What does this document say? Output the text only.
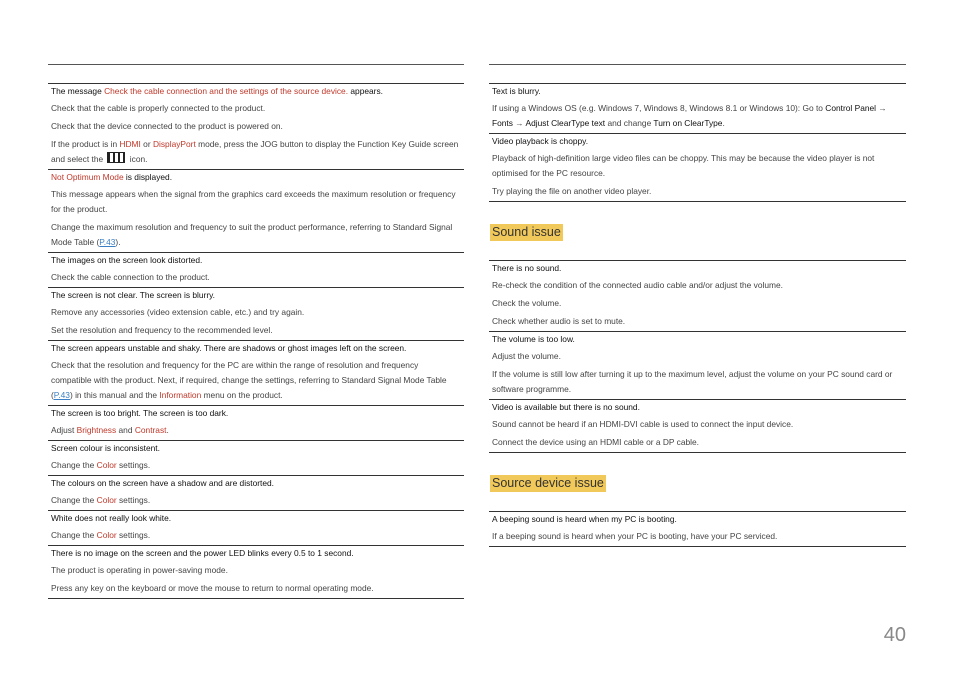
The message Check the cable connection and the settings of the source device. appears.
Check that the cable is properly connected to the product.
Check that the device connected to the product is powered on.
If the product is in HDMI or DisplayPort mode, press the JOG button to display the Function Key Guide screen and select the	icon.
Not Optimum Mode is displayed.
This message appears when the signal from the graphics card exceeds the maximum resolution or frequency for the product.
Change the maximum resolution and frequency to suit the product performance, referring to Standard Signal Mode Table (P.43).
The images on the screen look distorted.
Check the cable connection to the product.
The screen is not clear. The screen is blurry.
Remove any accessories (video extension cable, etc.) and try again.
Set the resolution and frequency to the recommended level.
The screen appears unstable and shaky. There are shadows or ghost images left on the screen.
Check that the resolution and frequency for the PC are within the range of resolution and frequency compatible with the product. Next, if required, change the settings, referring to Standard Signal Mode Table (P.43) in this manual and the Information menu on the product.
The screen is too bright. The screen is too dark.
Adjust Brightness and Contrast.
Screen colour is inconsistent.
Change the Color settings.
The colours on the screen have a shadow and are distorted.
Change the Color settings.
White does not really look white.
Change the Color settings.
There is no image on the screen and the power LED blinks every 0.5 to 1 second.
The product is operating in power-saving mode.
Press any key on the keyboard or move the mouse to return to normal operating mode.
Text is blurry.
If using a Windows OS (e.g. Windows 7, Windows 8, Windows 8.1 or Windows 10): Go to Control Panel → Fonts → Adjust ClearType text and change Turn on ClearType.
Video playback is choppy.
Playback of high-definition large video files can be choppy. This may be because the video player is not optimised for the PC resource.
Try playing the file on another video player.
Sound issue
There is no sound.
Re-check the condition of the connected audio cable and/or adjust the volume.
Check the volume.
Check whether audio is set to mute.
The volume is too low.
Adjust the volume.
If the volume is still low after turning it up to the maximum level, adjust the volume on your PC sound card or software programme.
Video is available but there is no sound.
Sound cannot be heard if an HDMI-DVI cable is used to connect the input device.
Connect the device using an HDMI cable or a DP cable.
Source device issue
A beeping sound is heard when my PC is booting.
If a beeping sound is heard when your PC is booting, have your PC serviced.
40
